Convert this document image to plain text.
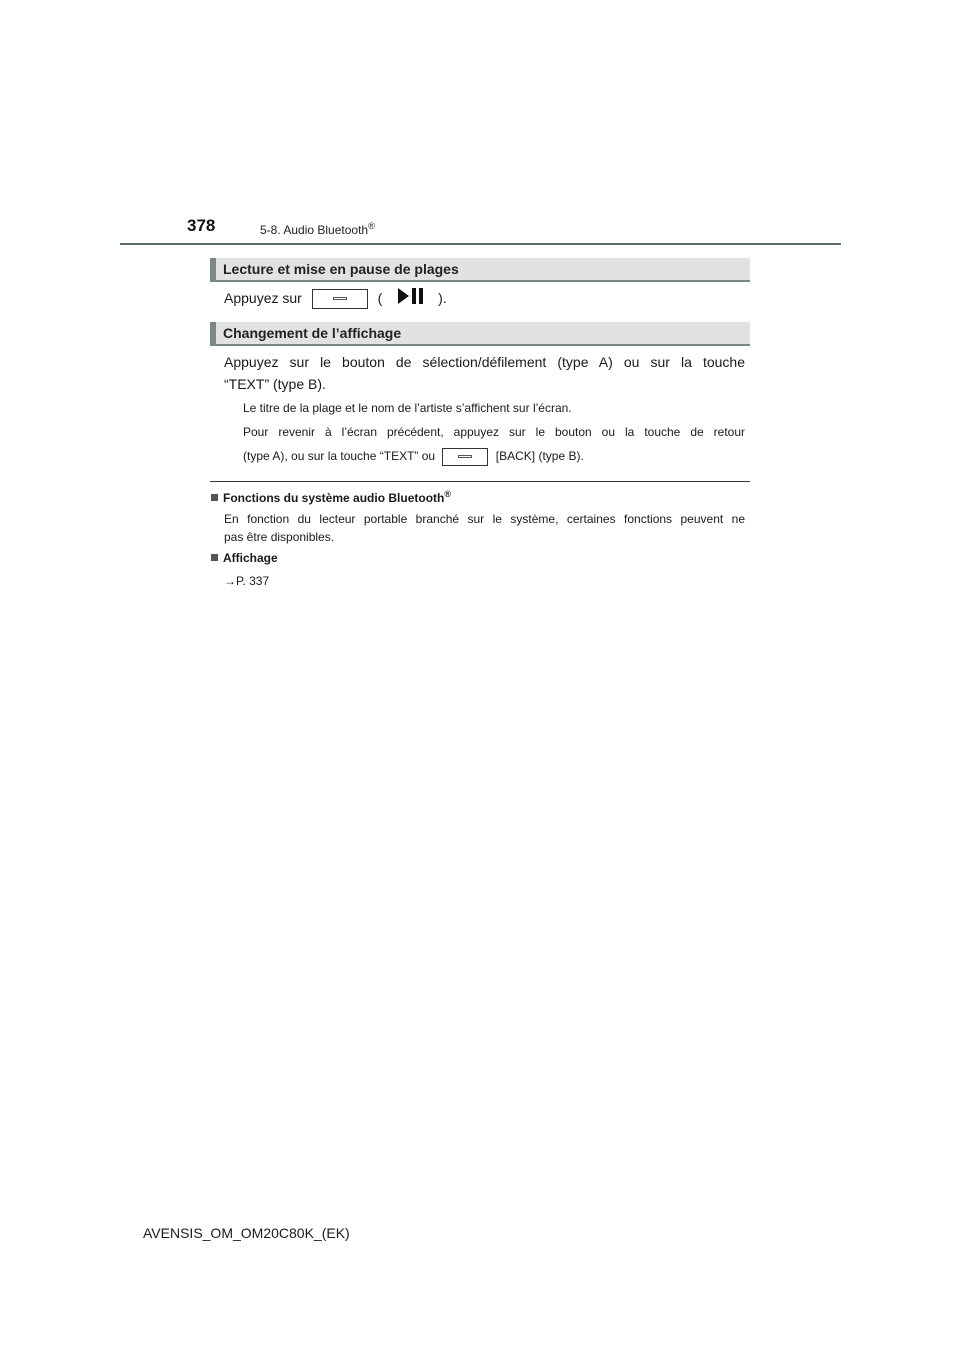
378	5-8. Audio Bluetooth®
Lecture et mise en pause de plages
Appuyez sur	(	).
Changement de l’affichage
Appuyez sur le bouton de sélection/défilement (type A) ou sur la touche
“TEXT” (type B).
Le titre de la plage et le nom de l’artiste s’affichent sur l’écran.
Pour revenir à l’écran précédent, appuyez sur le bouton ou la touche de retour
(type A), ou sur la touche “TEXT” ou	[BACK] (type B).
Fonctions du système audio Bluetooth®
En fonction du lecteur portable branché sur le système, certaines fonctions peuvent ne
pas être disponibles.
Affichage
→P. 337
AVENSIS_OM_OM20C80K_(EK)
